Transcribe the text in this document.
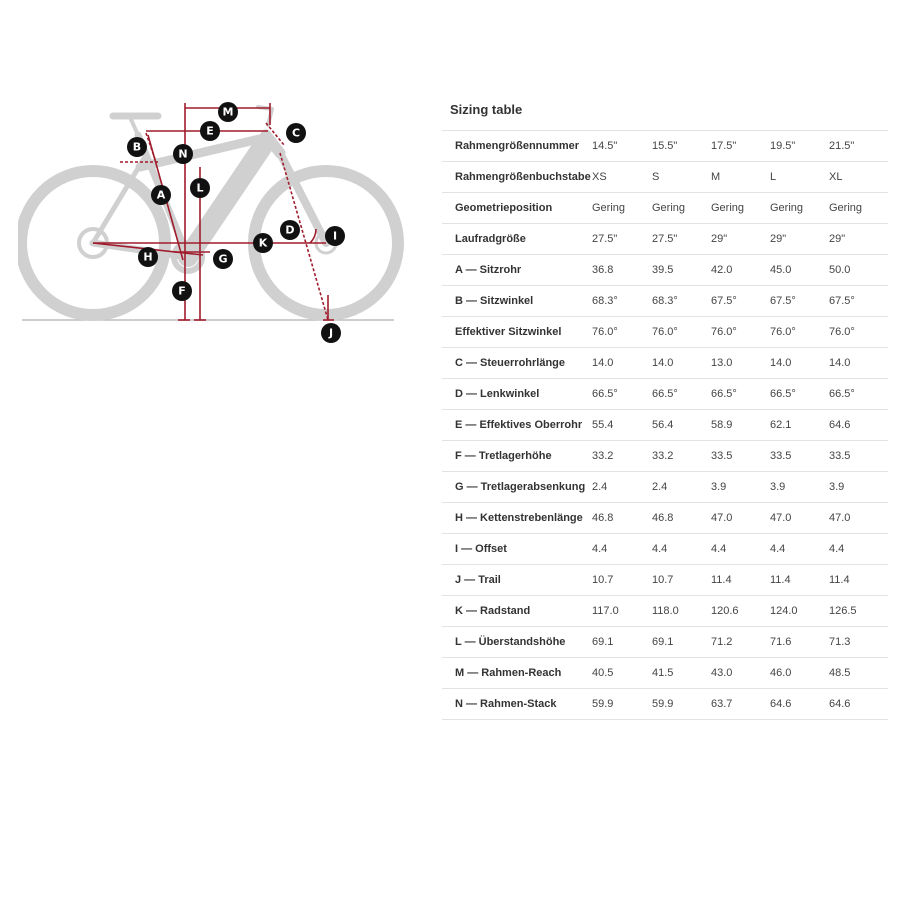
M
E	C
B
N
L
A
D	I
K
H	G
F
J
Sizing table
Rahmengrößennummer	14.5"	15.5"	17.5"	19.5"	21.5"
Rahmengrößenbuchstabe	XS	S	M	L	XL
Geometrieposition	Gering	Gering	Gering	Gering	Gering
Laufradgröße	27.5"	27.5"	29"	29"	29"
A — Sitzrohr	36.8	39.5	42.0	45.0	50.0
B — Sitzwinkel	68.3°	68.3°	67.5°	67.5°	67.5°
Effektiver Sitzwinkel	76.0°	76.0°	76.0°	76.0°	76.0°
C — Steuerrohrlänge	14.0	14.0	13.0	14.0	14.0
D — Lenkwinkel	66.5°	66.5°	66.5°	66.5°	66.5°
E — Effektives Oberrohr	55.4	56.4	58.9	62.1	64.6
F — Tretlagerhöhe	33.2	33.2	33.5	33.5	33.5
G — Tretlagerabsenkung	2.4	2.4	3.9	3.9	3.9
H — Kettenstrebenlänge	46.8	46.8	47.0	47.0	47.0
I — Offset	4.4	4.4	4.4	4.4	4.4
J — Trail	10.7	10.7	11.4	11.4	11.4
K — Radstand	117.0	118.0	120.6	124.0	126.5
L — Überstandshöhe	69.1	69.1	71.2	71.6	71.3
M — Rahmen-Reach	40.5	41.5	43.0	46.0	48.5
N — Rahmen-Stack	59.9	59.9	63.7	64.6	64.6
